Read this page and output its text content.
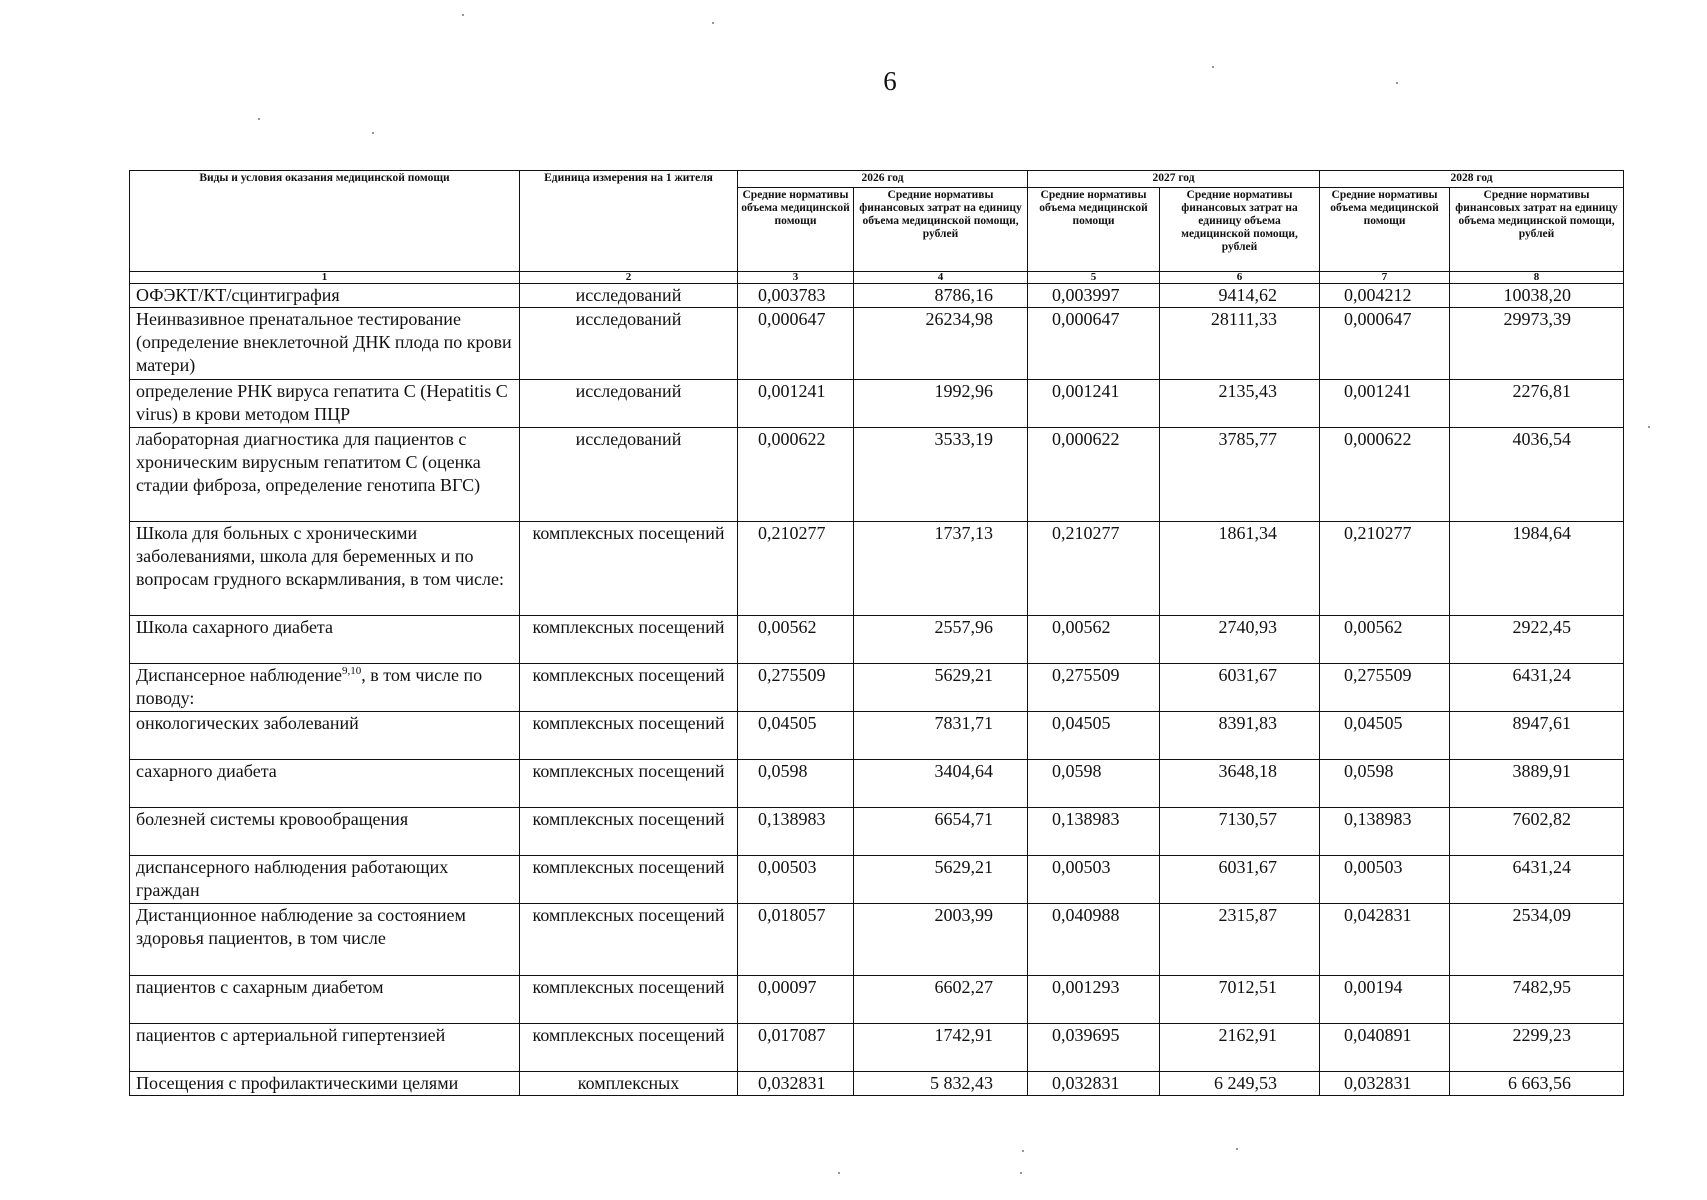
6
Виды и условия оказания медицинской помощи	Единица измерения на 1 жителя	2026 год		2027 год		2028 год	
		Средние нормативы объема медицинской помощи	Средние нормативы финансовых затрат на единицу объема медицинской помощи, рублей	Средние нормативы объема медицинской помощи	Средние нормативы финансовых затрат на единицу объема медицинской помощи, рублей	Средние нормативы объема медицинской помощи	Средние нормативы финансовых затрат на единицу объема медицинской помощи, рублей
1	2	3	4	5	6	7	8
ОФЭКТ/КТ/сцинтиграфия	исследований	0,003783	8786,16	0,003997	9414,62	0,004212	10038,20
Неинвазивное пренатальное тестирование (определение внеклеточной ДНК плода по крови матери)	исследований	0,000647	26234,98	0,000647	28111,33	0,000647	29973,39
определение РНК вируса гепатита С (Hepatitis C virus) в крови методом ПЦР	исследований	0,001241	1992,96	0,001241	2135,43	0,001241	2276,81
лабораторная диагностика для пациентов с хроническим вирусным гепатитом С (оценка стадии фиброза, определение генотипа ВГС)	исследований	0,000622	3533,19	0,000622	3785,77	0,000622	4036,54
Школа для больных с хроническими заболеваниями, школа для беременных и по вопросам грудного вскармливания, в том числе:	комплексных посещений	0,210277	1737,13	0,210277	1861,34	0,210277	1984,64
Школа сахарного диабета	комплексных посещений	0,00562	2557,96	0,00562	2740,93	0,00562	2922,45
Диспансерное наблюдение$^{9,10}$, в том числе по поводу:	комплексных посещений	0,275509	5629,21	0,275509	6031,67	0,275509	6431,24
онкологических заболеваний	комплексных посещений	0,04505	7831,71	0,04505	8391,83	0,04505	8947,61
сахарного диабета	комплексных посещений	0,0598	3404,64	0,0598	3648,18	0,0598	3889,91
болезней системы кровообращения	комплексных посещений	0,138983	6654,71	0,138983	7130,57	0,138983	7602,82
диспансерного наблюдения работающих граждан	комплексных посещений	0,00503	5629,21	0,00503	6031,67	0,00503	6431,24
Дистанционное наблюдение за состоянием здоровья пациентов, в том числе	комплексных посещений	0,018057	2003,99	0,040988	2315,87	0,042831	2534,09
пациентов с сахарным диабетом	комплексных посещений	0,00097	6602,27	0,001293	7012,51	0,00194	7482,95
пациентов с артериальной гипертензией	комплексных посещений	0,017087	1742,91	0,039695	2162,91	0,040891	2299,23
Посещения с профилактическими целями	комплексных	0,032831	5 832,43	0,032831	6 249,53	0,032831	6 663,56
